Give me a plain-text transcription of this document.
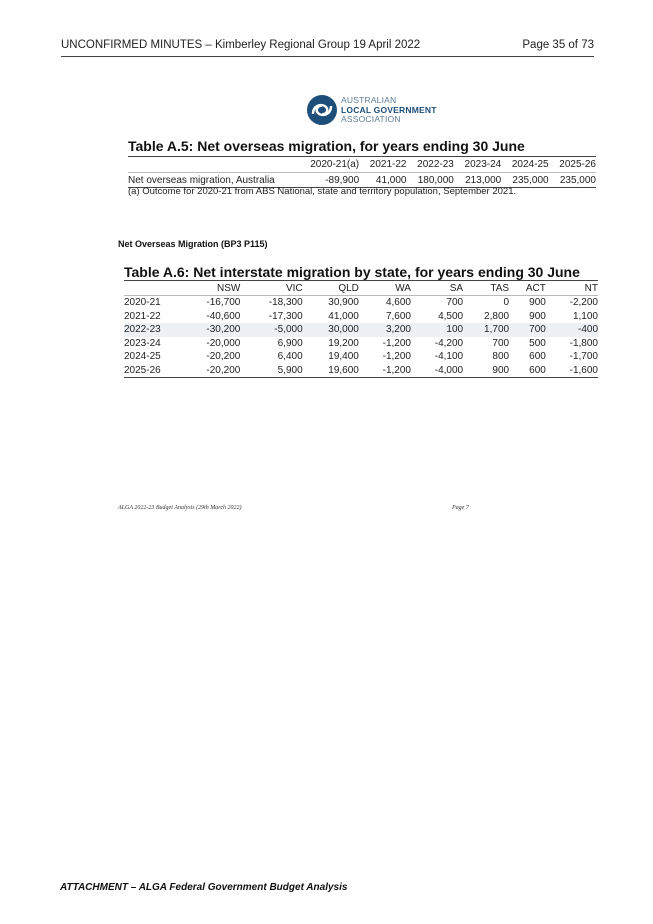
UNCONFIRMED MINUTES – Kimberley Regional Group 19 April 2022	Page 35 of 73
AUSTRALIAN
LOCAL GOVERNMENT
ASSOCIATION
Table A.5: Net overseas migration, for years ending 30 June
	2020-21(a)	2021-22	2022-23	2023-24	2024-25	2025-26
Net overseas migration, Australia	-89,900	41,000	180,000	213,000	235,000	235,000
(a) Outcome for 2020-21 from ABS National, state and territory population, September 2021.
Net Overseas Migration (BP3 P115)
Table A.6: Net interstate migration by state, for years ending 30 June
	NSW	VIC	QLD	WA	SA	TAS	ACT	NT
2020-21	-16,700	-18,300	30,900	4,600	700	0	900	-2,200
2021-22	-40,600	-17,300	41,000	7,600	4,500	2,800	900	1,100
2022-23	-30,200	-5,000	30,000	3,200	100	1,700	700	-400
2023-24	-20,000	6,900	19,200	-1,200	-4,200	700	500	-1,800
2024-25	-20,200	6,400	19,400	-1,200	-4,100	800	600	-1,700
2025-26	-20,200	5,900	19,600	-1,200	-4,000	900	600	-1,600
ALGA 2022-23 Budget Analysis (29th March 2022)	Page 7
ATTACHMENT – ALGA Federal Government Budget Analysis
